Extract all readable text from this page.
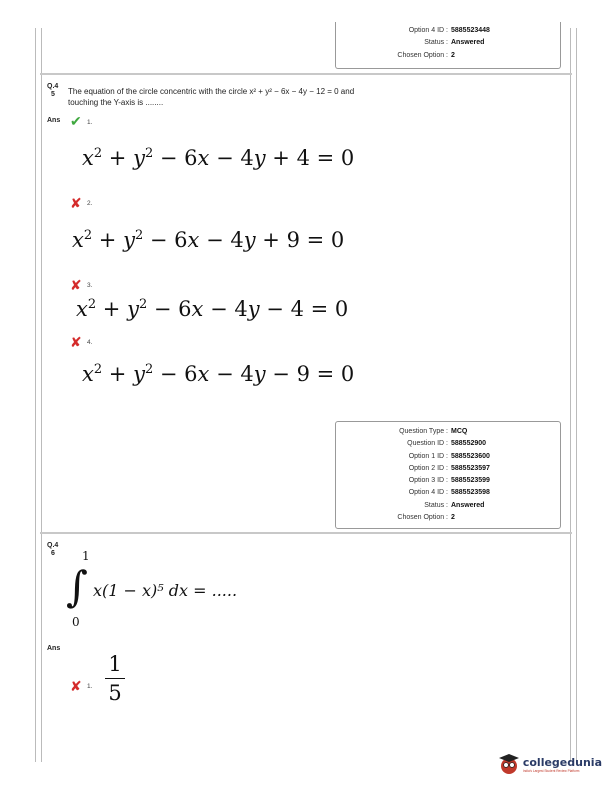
Option 4 ID : 5885523448
Status : Answered
Chosen Option : 2
Q.4
5	The equation of the circle concentric with the circle x² + y² − 6x − 4y − 12 = 0 and
touching the Y-axis is ........
Ans ✔ 1.
$x^2 + y^2 - 6x - 4y + 4 = 0$
✘ 2.
$x^2 + y^2 - 6x - 4y + 9 = 0$
✘ 3.
$x^2 + y^2 - 6x - 4y - 4 = 0$
✘ 4.
$x^2 + y^2 - 6x - 4y - 9 = 0$
Question Type : MCQ
Question ID : 588552900
Option 1 ID : 5885523600
Option 2 ID : 5885523597
Option 3 ID : 5885523599
Option 4 ID : 5885523598
Status : Answered
Chosen Option : 2
Q.4
6 1
∫ x(1 − x)⁵ dx = .....
0
Ans
✘ 1.
1
5
collegedunia
India's Largest Student Review Platform
